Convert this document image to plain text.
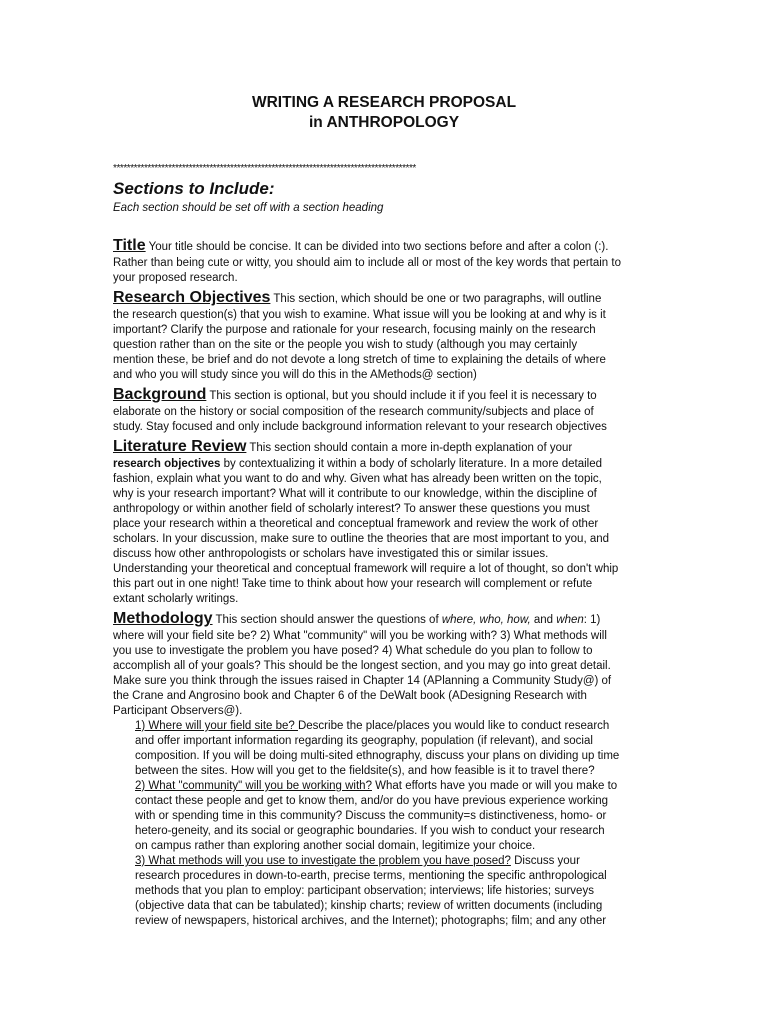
WRITING A RESEARCH PROPOSAL
in ANTHROPOLOGY
****************************************************************************************
Sections to Include:
Each section should be set off with a section heading
Title Your title should be concise. It can be divided into two sections before and after a colon (:).
Rather than being cute or witty, you should aim to include all or most of the key words that pertain to
your proposed research.
Research Objectives This section, which should be one or two paragraphs, will outline
the research question(s) that you wish to examine. What issue will you be looking at and why is it
important? Clarify the purpose and rationale for your research, focusing mainly on the research
question rather than on the site or the people you wish to study (although you may certainly
mention these, be brief and do not devote a long stretch of time to explaining the details of where
and who you will study since you will do this in the AMethods@ section)
Background This section is optional, but you should include it if you feel it is necessary to
elaborate on the history or social composition of the research community/subjects and place of
study. Stay focused and only include background information relevant to your research objectives
Literature Review This section should contain a more in-depth explanation of your
research objectives by contextualizing it within a body of scholarly literature. In a more detailed
fashion, explain what you want to do and why. Given what has already been written on the topic,
why is your research important? What will it contribute to our knowledge, within the discipline of
anthropology or within another field of scholarly interest? To answer these questions you must
place your research within a theoretical and conceptual framework and review the work of other
scholars. In your discussion, make sure to outline the theories that are most important to you, and
discuss how other anthropologists or scholars have investigated this or similar issues.
Understanding your theoretical and conceptual framework will require a lot of thought, so don't whip
this part out in one night! Take time to think about how your research will complement or refute
extant scholarly writings.
Methodology This section should answer the questions of where, who, how, and when: 1)
where will your field site be? 2) What "community" will you be working with? 3) What methods will
you use to investigate the problem you have posed? 4) What schedule do you plan to follow to
accomplish all of your goals? This should be the longest section, and you may go into great detail.
Make sure you think through the issues raised in Chapter 14 (APlanning a Community Study@) of
the Crane and Angrosino book and Chapter 6 of the DeWalt book (ADesigning Research with
Participant Observers@).
1) Where will your field site be? Describe the place/places you would like to conduct research
and offer important information regarding its geography, population (if relevant), and social
composition. If you will be doing multi-sited ethnography, discuss your plans on dividing up time
between the sites. How will you get to the fieldsite(s), and how feasible is it to travel there?
2) What "community" will you be working with? What efforts have you made or will you make to
contact these people and get to know them, and/or do you have previous experience working
with or spending time in this community? Discuss the community=s distinctiveness, homo- or
hetero-geneity, and its social or geographic boundaries. If you wish to conduct your research
on campus rather than exploring another social domain, legitimize your choice.
3) What methods will you use to investigate the problem you have posed? Discuss your
research procedures in down-to-earth, precise terms, mentioning the specific anthropological
methods that you plan to employ: participant observation; interviews; life histories; surveys
(objective data that can be tabulated); kinship charts; review of written documents (including
review of newspapers, historical archives, and the Internet); photographs; film; and any other
